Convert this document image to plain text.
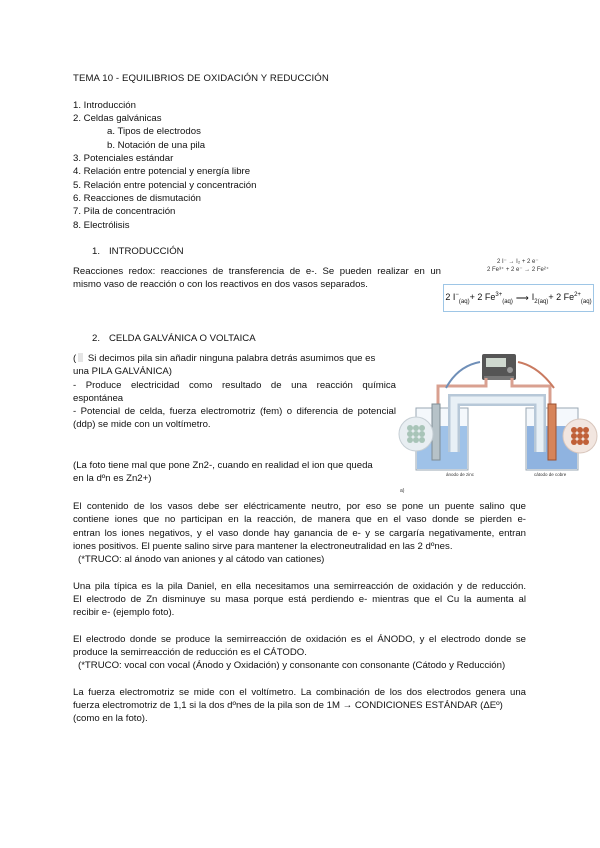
TEMA 10 - EQUILIBRIOS DE OXIDACIÓN Y REDUCCIÓN
1. Introducción
2. Celdas galvánicas
a. Tipos de electrodos
b. Notación de una pila
3. Potenciales estándar
4. Relación entre potencial y energía libre
5. Relación entre potencial y concentración
6. Reacciones de dismutación
7. Pila de concentración
8. Electrólisis
1. INTRODUCCIÓN
Reacciones redox: reacciones de transferencia de e-. Se pueden realizar en un
mismo vaso de reacción o con los reactivos en dos vasos separados.
2 I⁻ → I₂ + 2 e⁻
2 Fe³⁺ + 2 e⁻ → 2 Fe²⁺
2 $I^-_{(aq)} + 2$ $Fe^{3+}_{(aq)}$ ⟶ $I_{2(aq)} + 2$ $Fe^{2+}_{(aq)}$
2. CELDA GALVÁNICA O VOLTAICA
( Si decimos pila sin añadir ninguna palabra detrás asumimos que es
una PILA GALVÁNICA)
- Produce electricidad como resultado de una reacción química
espontánea
- Potencial de celda, fuerza electromotriz (fem) o diferencia de potencial
(ddp) se mide con un voltímetro.
(La foto tiene mal que pone Zn2-, cuando en realidad el ion que queda
en la dºn es Zn2+)	ánodo de zinc	cátodo de cobre
a)
El contenido de los vasos debe ser eléctricamente neutro, por eso se pone un puente salino que
contiene iones que no participan en la reacción, de manera que en el vaso donde se pierden e-
entran los iones negativos, y el vaso donde hay ganancia de e- y se cargaría negativamente, entran
iones positivos. El puente salino sirve para mantener la electroneutralidad en las 2 dºnes.
(*TRUCO: al ánodo van aniones y al cátodo van cationes)
Una pila típica es la pila Daniel, en ella necesitamos una semirreacción de oxidación y de reducción.
El electrodo de Zn disminuye su masa porque está perdiendo e- mientras que el Cu la aumenta al
recibir e- (ejemplo foto).
El electrodo donde se produce la semirreacción de oxidación es el ÁNODO, y el electrodo donde se
produce la semirreacción de reducción es el CÁTODO.
(*TRUCO: vocal con vocal (Ánodo y Oxidación) y consonante con consonante (Cátodo y Reducción)
La fuerza electromotriz se mide con el voltímetro. La combinación de los dos electrodos genera una
fuerza electromotriz de 1,1 si la dos dºnes de la pila son de 1M → CONDICIONES ESTÁNDAR (ΔEº)
(como en la foto).
